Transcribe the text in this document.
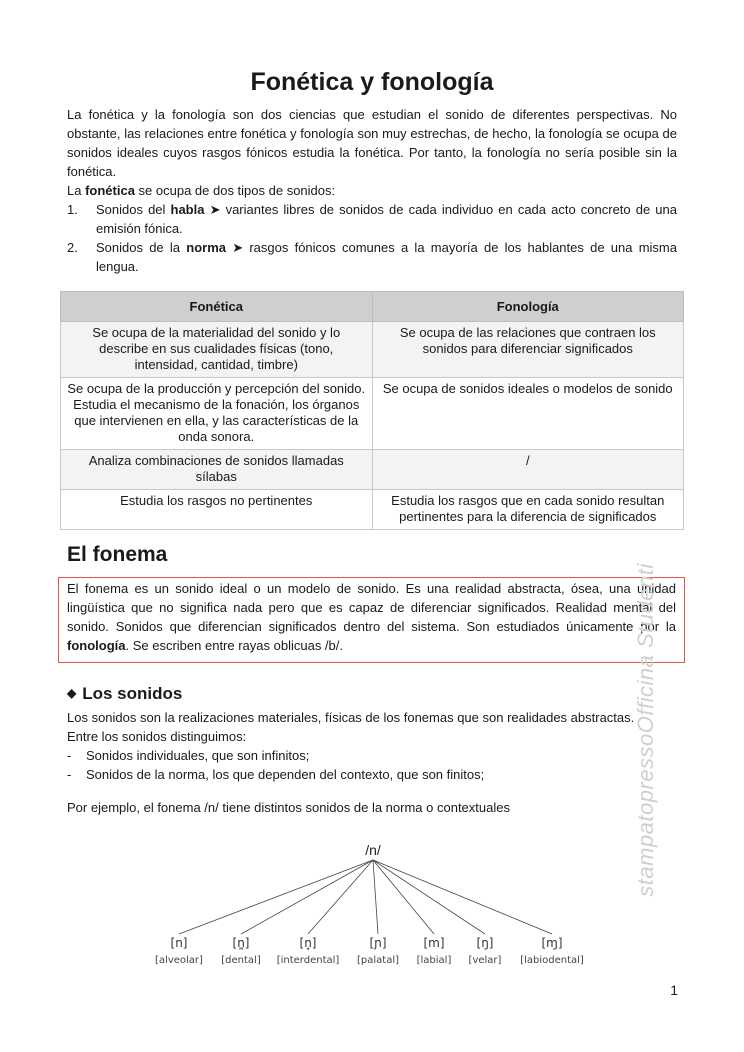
Fonética y fonología

La fonética y la fonología son dos ciencias que estudian el sonido de diferentes perspectivas. No obstante, las relaciones entre fonética y fonología son muy estrechas, de hecho, la fonología se ocupa de sonidos ideales cuyos rasgos fónicos estudia la fonética. Por tanto, la fonología no sería posible sin la fonética.

La fonética se ocupa de dos tipos de sonidos:

1. Sonidos del habla ➤ variantes libres de sonidos de cada individuo en cada acto concreto de una emisión fónica.
2. Sonidos de la norma ➤ rasgos fónicos comunes a la mayoría de los hablantes de una misma lengua.
Fonética	Fonología
Se ocupa de la materialidad del sonido y lo describe en sus cualidades físicas (tono, intensidad, cantidad, timbre)	Se ocupa de las relaciones que contraen los sonidos para diferenciar significados
Se ocupa de la producción y percepción del sonido. Estudia el mecanismo de la fonación, los órganos que intervienen en ella, y las características de la onda sonora.	Se ocupa de sonidos ideales o modelos de sonido
Analiza combinaciones de sonidos llamadas sílabas	/
Estudia los rasgos no pertinentes	Estudia los rasgos que en cada sonido resultan pertinentes para la diferencia de significados
El fonema

El fonema es un sonido ideal o un modelo de sonido. Es una realidad abstracta, ósea, una unidad lingüística que no significa nada pero que es capaz de diferenciar significados. Realidad mental del sonido. Sonidos que diferencian significados dentro del sistema. Son estudiados únicamente por la fonología. Se escriben entre rayas oblicuas /b/.

◆ Los sonidos

Los sonidos son la realizaciones materiales, físicas de los fonemas que son realidades abstractas.

Entre los sonidos distinguimos:

- Sonidos individuales, que son infinitos;
- Sonidos de la norma, los que dependen del contexto, que son finitos;

Por ejemplo, el fonema /n/ tiene distintos sonidos de la norma o contextuales

/n/
[n]
[alveolar]
[n̪]
[dental]
[n̟]
[interdental]
[ɲ]
[palatal]
[m]
[labial]
[ŋ]
[velar]
[ɱ]
[labiodental]
stampatopressoOfficina Studenti
1
